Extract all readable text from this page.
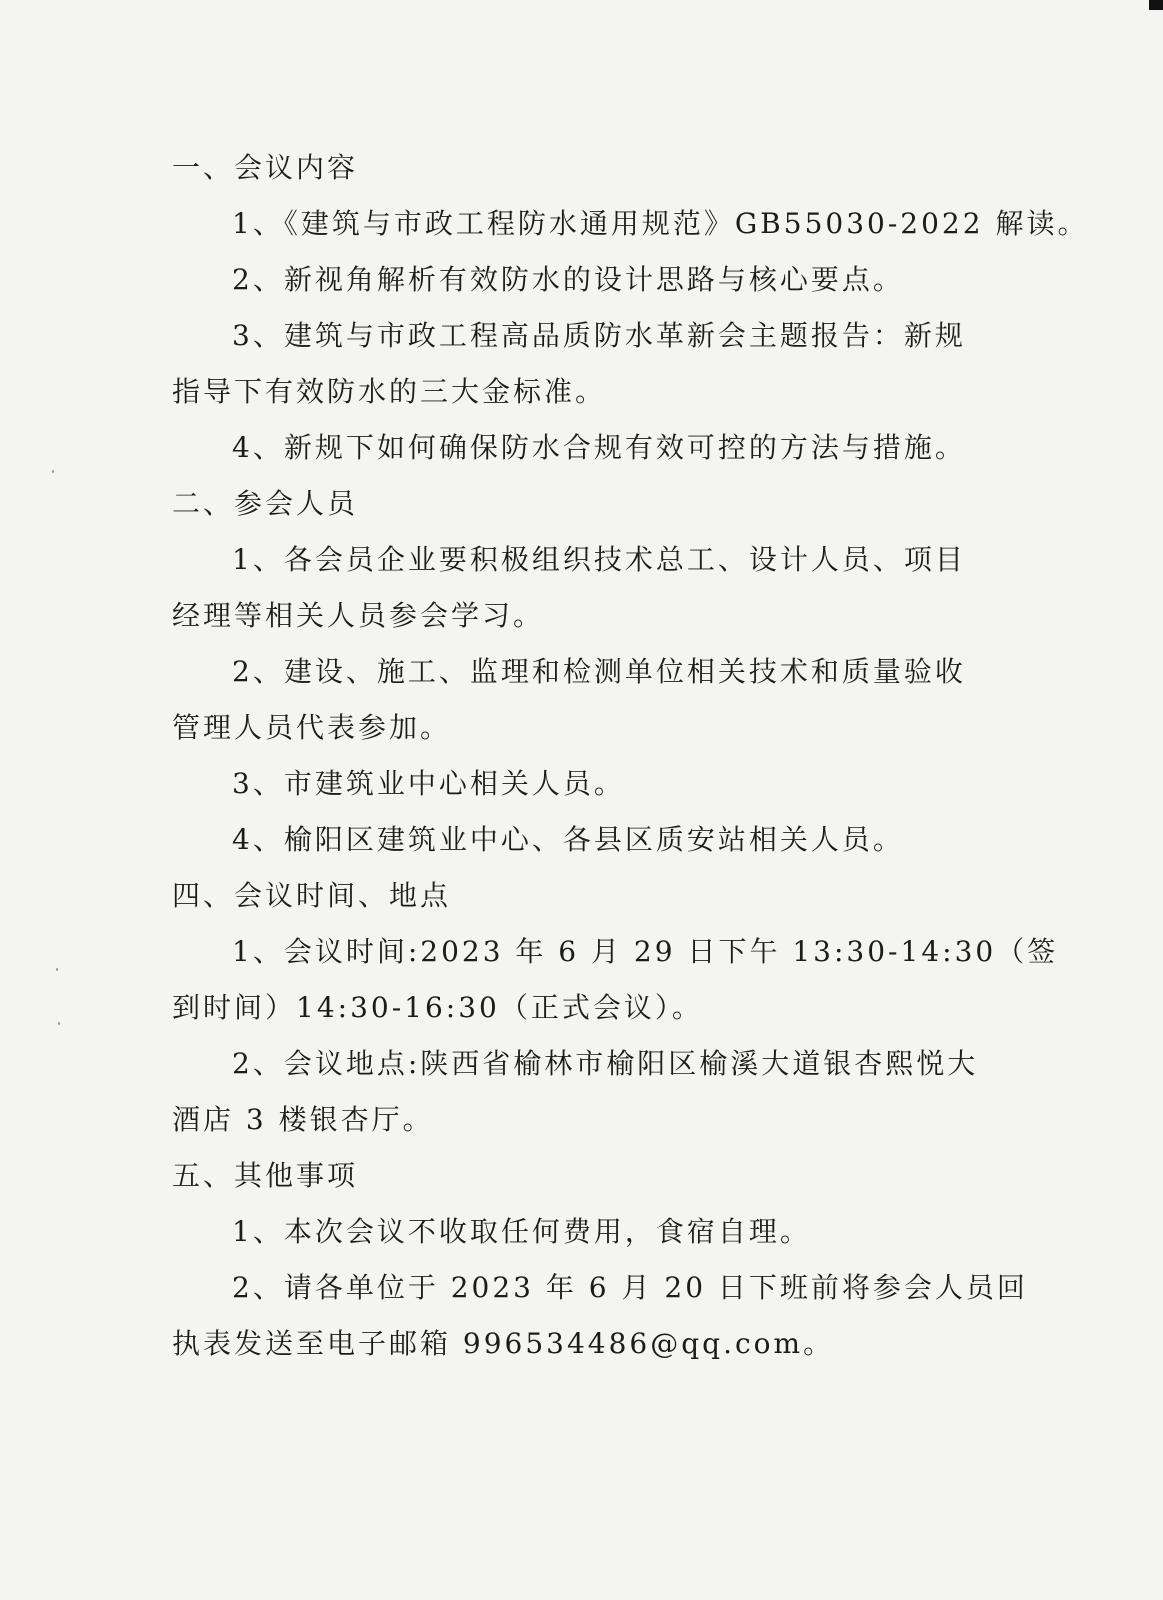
一、会议内容

1、《建筑与市政工程防水通用规范》GB55030-2022 解读。

2、新视角解析有效防水的设计思路与核心要点。

3、建筑与市政工程高品质防水革新会主题报告：新规

指导下有效防水的三大金标准。

4、新规下如何确保防水合规有效可控的方法与措施。

二、参会人员

1、各会员企业要积极组织技术总工、设计人员、项目

经理等相关人员参会学习。

2、建设、施工、监理和检测单位相关技术和质量验收

管理人员代表参加。

3、市建筑业中心相关人员。

4、榆阳区建筑业中心、各县区质安站相关人员。

四、会议时间、地点

1、会议时间:2023 年 6 月 29 日下午 13:30-14:30（签

到时间）14:30-16:30（正式会议）。

2、会议地点:陕西省榆林市榆阳区榆溪大道银杏熙悦大

酒店 3 楼银杏厅。

五、其他事项

1、本次会议不收取任何费用，食宿自理。

2、请各单位于 2023 年 6 月 20 日下班前将参会人员回

执表发送至电子邮箱 996534486@qq.com。
